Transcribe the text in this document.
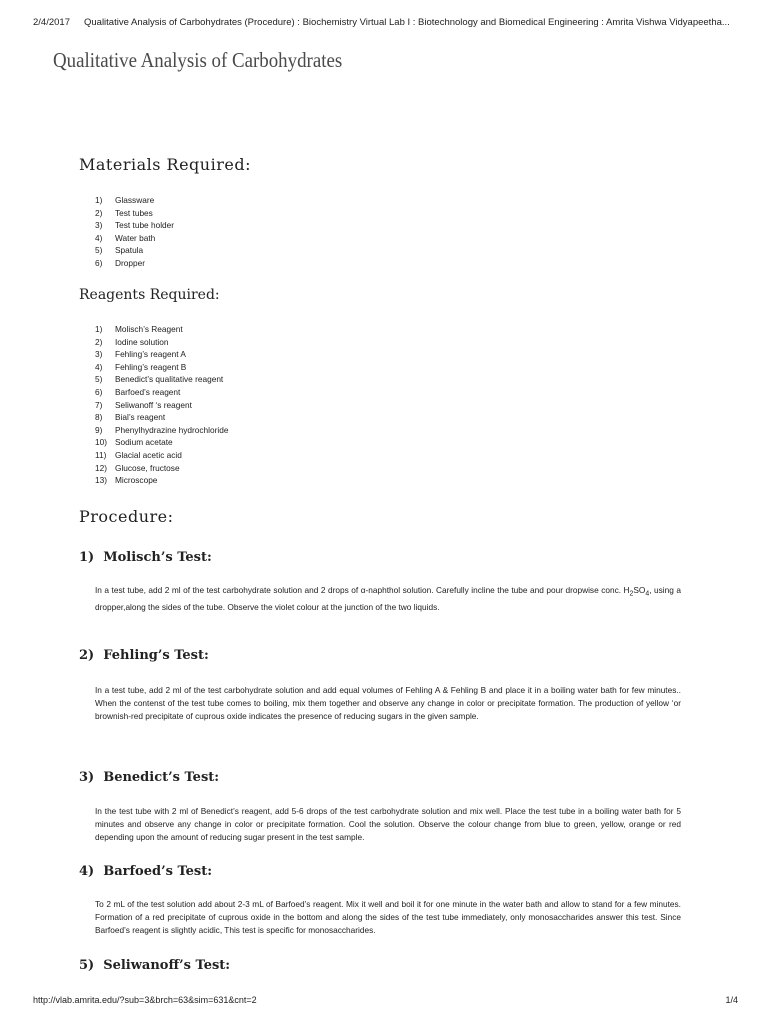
2/4/2017 Qualitative Analysis of Carbohydrates (Procedure) : Biochemistry Virtual Lab I : Biotechnology and Biomedical Engineering : Amrita Vishwa Vidyapeetha...
Qualitative Analysis of Carbohydrates
Materials Required:
1) Glassware
2) Test tubes
3) Test tube holder
4) Water bath
5) Spatula
6) Dropper
Reagents Required:
1) Molisch’s Reagent
2) Iodine solution
3) Fehling’s reagent A
4) Fehling’s reagent B
5) Benedict’s qualitative reagent
6) Barfoed’s reagent
7) Seliwanoff ‘s reagent
8) Bial’s reagent
9) Phenylhydrazine hydrochloride
10) Sodium acetate
11) Glacial acetic acid
12) Glucose, fructose
13) Microscope
Procedure:
1) Molisch’s Test:

In a test tube, add 2 ml of the test carbohydrate solution and 2 drops of α-naphthol solution. Carefully incline the tube and pour dropwise conc. $H_2SO_4$, using a dropper,along the sides of the tube. Observe the violet colour at the junction of the two liquids.

2) Fehling’s Test:

In a test tube, add 2 ml of the test carbohydrate solution and add equal volumes of Fehling A & Fehling B and place it in a boiling water bath for few minutes.. When the contenst of the test tube comes to boiling, mix them together and observe any change in color or precipitate formation. The production of yellow ‘or brownish-red precipitate of cuprous oxide indicates the presence of reducing sugars in the given sample.

3) Benedict’s Test:

In the test tube with 2 ml of Benedict’s reagent, add 5-6 drops of the test carbohydrate solution and mix well. Place the test tube in a boiling water bath for 5 minutes and observe any change in color or precipitate formation. Cool the solution. Observe the colour change from blue to green, yellow, orange or red depending upon the amount of reducing sugar present in the test sample.

4) Barfoed’s Test:

To 2 mL of the test solution add about 2-3 mL of Barfoed’s reagent. Mix it well and boil it for one minute in the water bath and allow to stand for a few minutes. Formation of a red precipitate of cuprous oxide in the bottom and along the sides of the test tube immediately, only monosaccharides answer this test. Since Barfoed’s reagent is slightly acidic, This test is specific for monosaccharides.

5) Seliwanoff’s Test:
http://vlab.amrita.edu/?sub=3&brch=63&sim=631&cnt=2	1/4
